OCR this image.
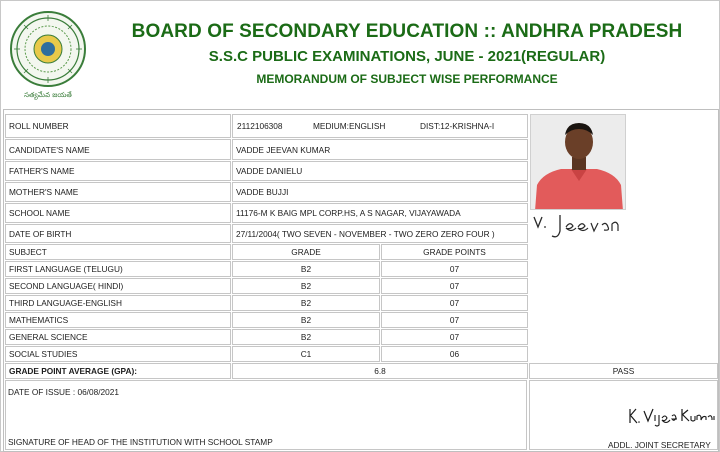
సత్యమేవ జయతే
BOARD OF SECONDARY EDUCATION :: ANDHRA PRADESH
S.S.C PUBLIC EXAMINATIONS, JUNE - 2021(REGULAR)
MEMORANDUM OF SUBJECT WISE PERFORMANCE
ROLL NUMBER	2112106308	MEDIUM:ENGLISH	DIST:12-KRISHNA-I
CANDIDATE'S NAME	VADDE JEEVAN KUMAR
FATHER'S NAME	VADDE DANIELU
MOTHER'S NAME	VADDE BUJJI
SCHOOL NAME	11176-M K BAIG MPL CORP.HS, A S NAGAR, VIJAYAWADA
DATE OF BIRTH	27/11/2004( TWO SEVEN - NOVEMBER - TWO ZERO ZERO FOUR )
SUBJECT	GRADE	GRADE POINTS
FIRST LANGUAGE (TELUGU)	B2	07
SECOND LANGUAGE( HINDI)	B2	07
THIRD LANGUAGE-ENGLISH	B2	07
MATHEMATICS	B2	07
GENERAL SCIENCE	B2	07
SOCIAL STUDIES	C1	06
GRADE POINT AVERAGE (GPA):	6.8	PASS
DATE OF ISSUE : 06/08/2021
SIGNATURE OF HEAD OF THE INSTITUTION WITH SCHOOL STAMP	ADDL. JOINT SECRETARY
